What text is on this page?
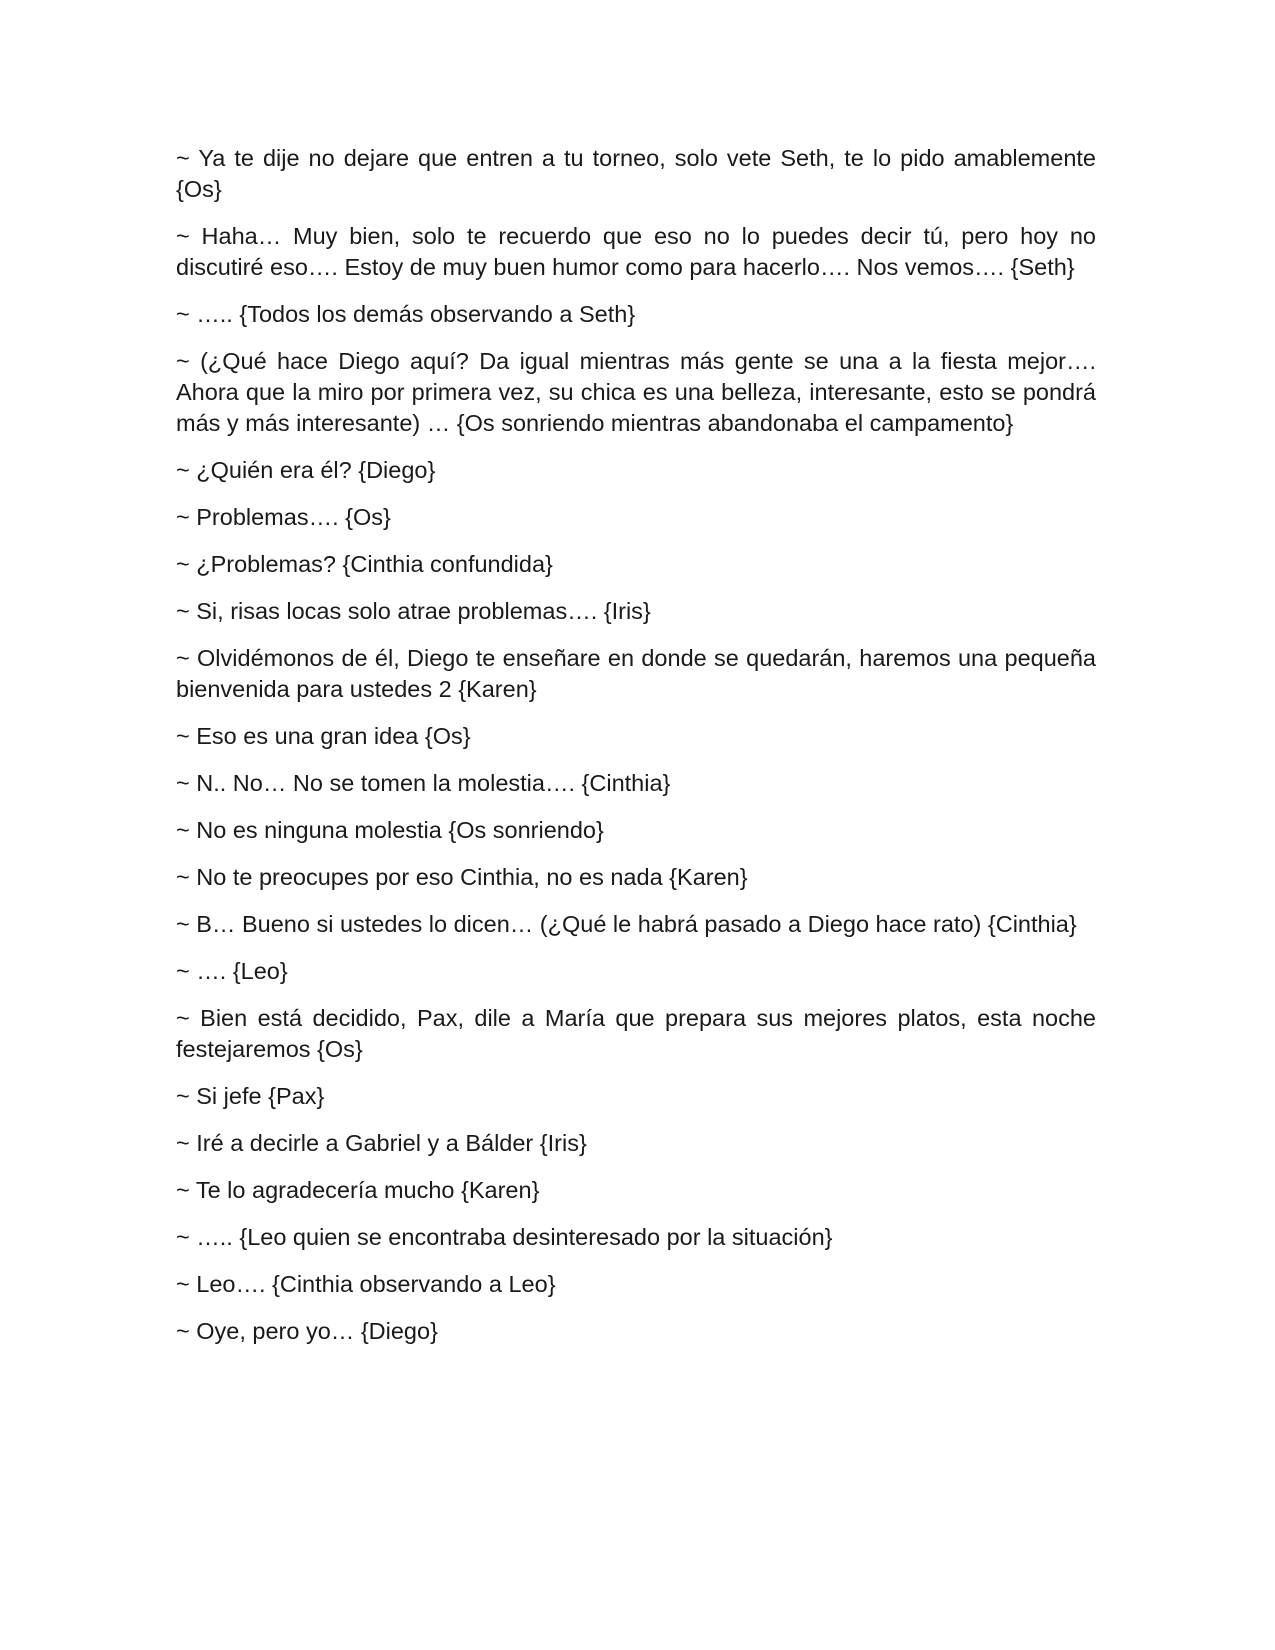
~ Ya te dije no dejare que entren a tu torneo, solo vete Seth, te lo pido amablemente {Os}

~ Haha… Muy bien, solo te recuerdo que eso no lo puedes decir tú, pero hoy no discutiré eso…. Estoy de muy buen humor como para hacerlo…. Nos vemos…. {Seth}

~ ….. {Todos los demás observando a Seth}

~ (¿Qué hace Diego aquí? Da igual mientras más gente se una a la fiesta mejor…. Ahora que la miro por primera vez, su chica es una belleza, interesante, esto se pondrá más y más interesante) … {Os sonriendo mientras abandonaba el campamento}

~ ¿Quién era él? {Diego}

~ Problemas…. {Os}

~ ¿Problemas? {Cinthia confundida}

~ Si, risas locas solo atrae problemas…. {Iris}

~ Olvidémonos de él, Diego te enseñare en donde se quedarán, haremos una pequeña bienvenida para ustedes 2 {Karen}

~ Eso es una gran idea {Os}

~ N.. No… No se tomen la molestia…. {Cinthia}

~ No es ninguna molestia {Os sonriendo}

~ No te preocupes por eso Cinthia, no es nada {Karen}

~ B… Bueno si ustedes lo dicen… (¿Qué le habrá pasado a Diego hace rato) {Cinthia}

~ …. {Leo}

~ Bien está decidido, Pax, dile a María que prepara sus mejores platos, esta noche festejaremos {Os}

~ Si jefe {Pax}

~ Iré a decirle a Gabriel y a Bálder {Iris}

~ Te lo agradecería mucho {Karen}

~ ….. {Leo quien se encontraba desinteresado por la situación}

~ Leo…. {Cinthia observando a Leo}

~ Oye, pero yo… {Diego}
